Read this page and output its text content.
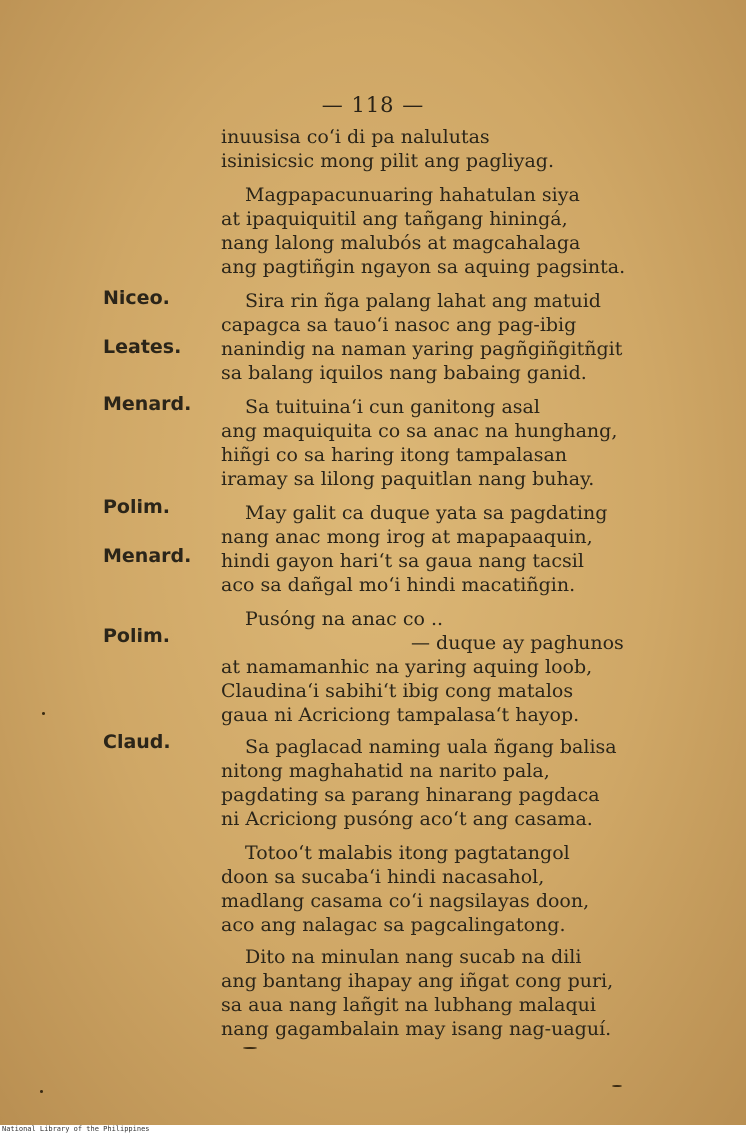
— 118 —
Niceo.
Leates.
Menard.
Polim.
Menard.
Polim.
Claud.
inuusisa co‘i di pa nalulutas
isinisicsic mong pilit ang pagliyag.
Magpapacunuaring hahatulan siya
at ipaquiquitil ang tañgang hiningá,
nang lalong malubós at magcahalaga
ang pagtiñgin ngayon sa aquing pagsinta.
Sira rin ñga palang lahat ang matuid
capagca sa tauo‘i nasoc ang pag-ibig
nanindig na naman yaring pagñgiñgitñgit
sa balang iquilos nang babaing ganid.
Sa tuituina‘i cun ganitong asal
ang maquiquita co sa anac na hunghang,
hiñgi co sa haring itong tampalasan
iramay sa lilong paquitlan nang buhay.
May galit ca duque yata sa pagdating
nang anac mong irog at mapapaaquin,
hindi gayon hari‘t sa gaua nang tacsil
aco sa dañgal mo‘i hindi macatiñgin.
Pusóng na anac co ..
— duque ay paghunos
at namamanhic na yaring aquing loob,
Claudina‘i sabihi‘t ibig cong matalos
gaua ni Acriciong tampalasa‘t hayop.
Sa paglacad naming uala ñgang balisa
nitong maghahatid na narito pala,
pagdating sa parang hinarang pagdaca
ni Acriciong pusóng aco‘t ang casama.
Totoo‘t malabis itong pagtatangol
doon sa sucaba‘i hindi nacasahol,
madlang casama co‘i nagsilayas doon,
aco ang nalagac sa pagcalingatong.
Dito na minulan nang sucab na dili
ang bantang ihapay ang iñgat cong puri,
sa aua nang lañgit na lubhang malaqui
nang gagambalain may isang nag-uaguí.
National Library of the Philippines
